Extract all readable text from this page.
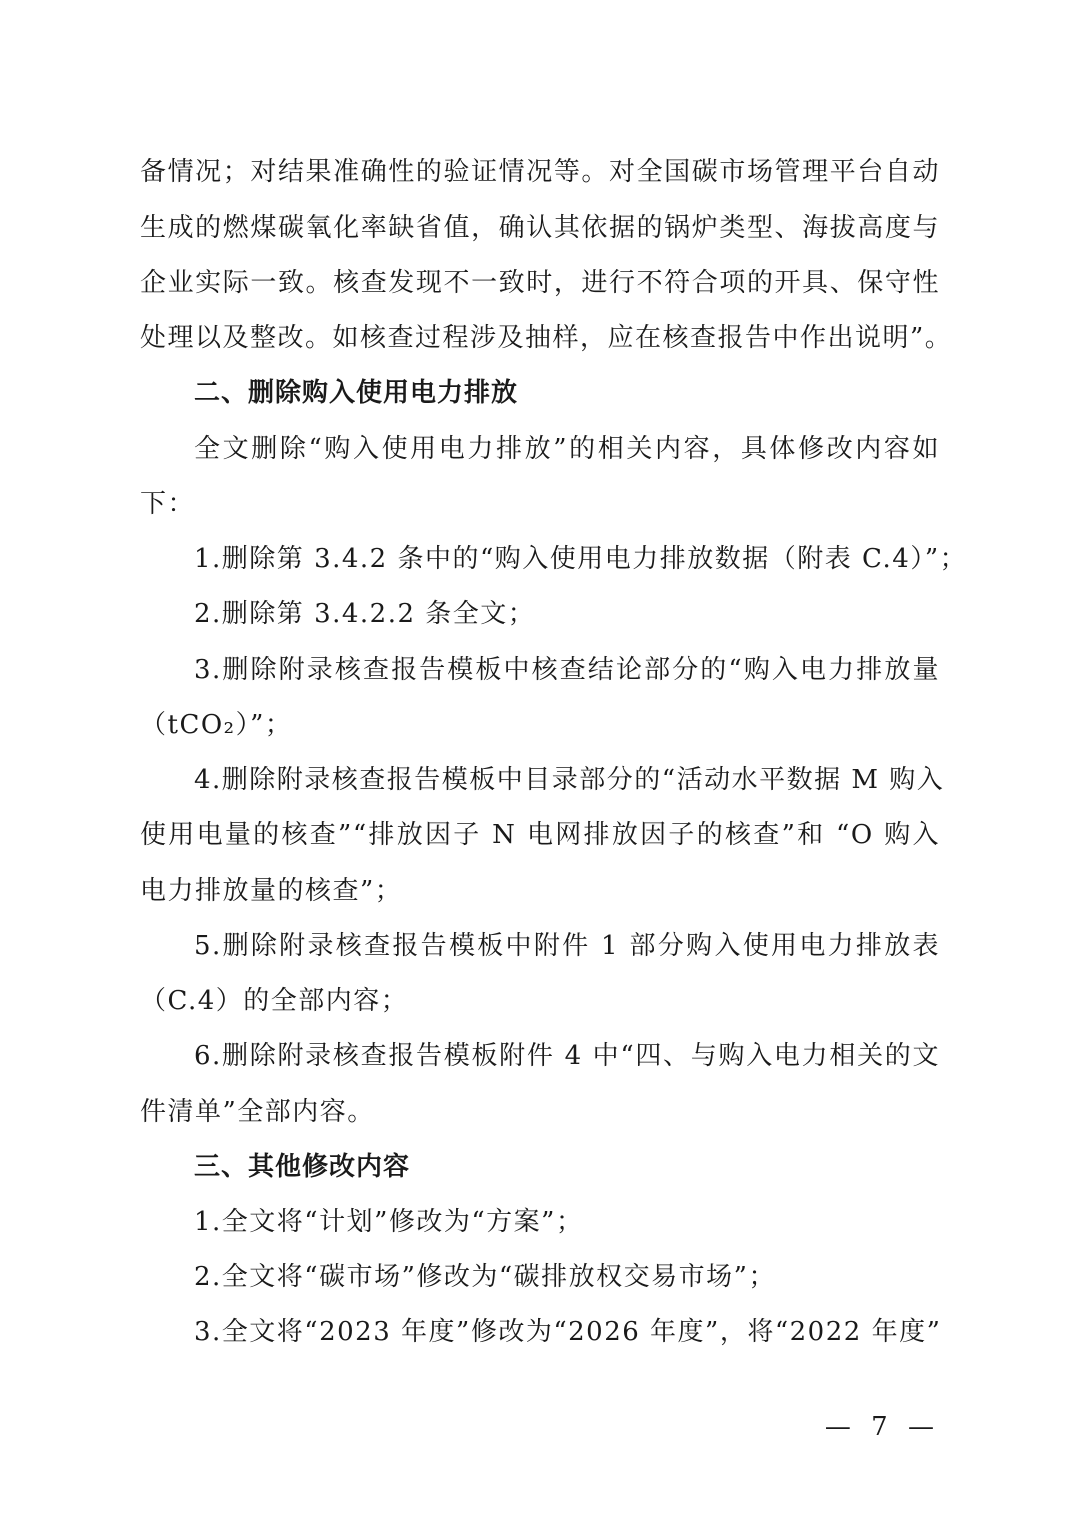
备情况；对结果准确性的验证情况等。对全国碳市场管理平台自动
生成的燃煤碳氧化率缺省值，确认其依据的锅炉类型、海拔高度与
企业实际一致。核查发现不一致时，进行不符合项的开具、保守性
处理以及整改。如核查过程涉及抽样，应在核查报告中作出说明”。
二、删除购入使用电力排放
全文删除“购入使用电力排放”的相关内容，具体修改内容如
下：
1.删除第 3.4.2 条中的“购入使用电力排放数据（附表 C.4）”；
2.删除第 3.4.2.2 条全文；
3.删除附录核查报告模板中核查结论部分的“购入电力排放量
（tCO₂）”；
4.删除附录核查报告模板中目录部分的“活动水平数据 M 购入
使用电量的核查”“排放因子 N 电网排放因子的核查”和 “O 购入
电力排放量的核查”；
5.删除附录核查报告模板中附件 1 部分购入使用电力排放表
（C.4）的全部内容；
6.删除附录核查报告模板附件 4 中“四、与购入电力相关的文
件清单”全部内容。
三、其他修改内容
1.全文将“计划”修改为“方案”；
2.全文将“碳市场”修改为“碳排放权交易市场”；
3.全文将“2023 年度”修改为“2026 年度”，将“2022 年度”
— 7 —
